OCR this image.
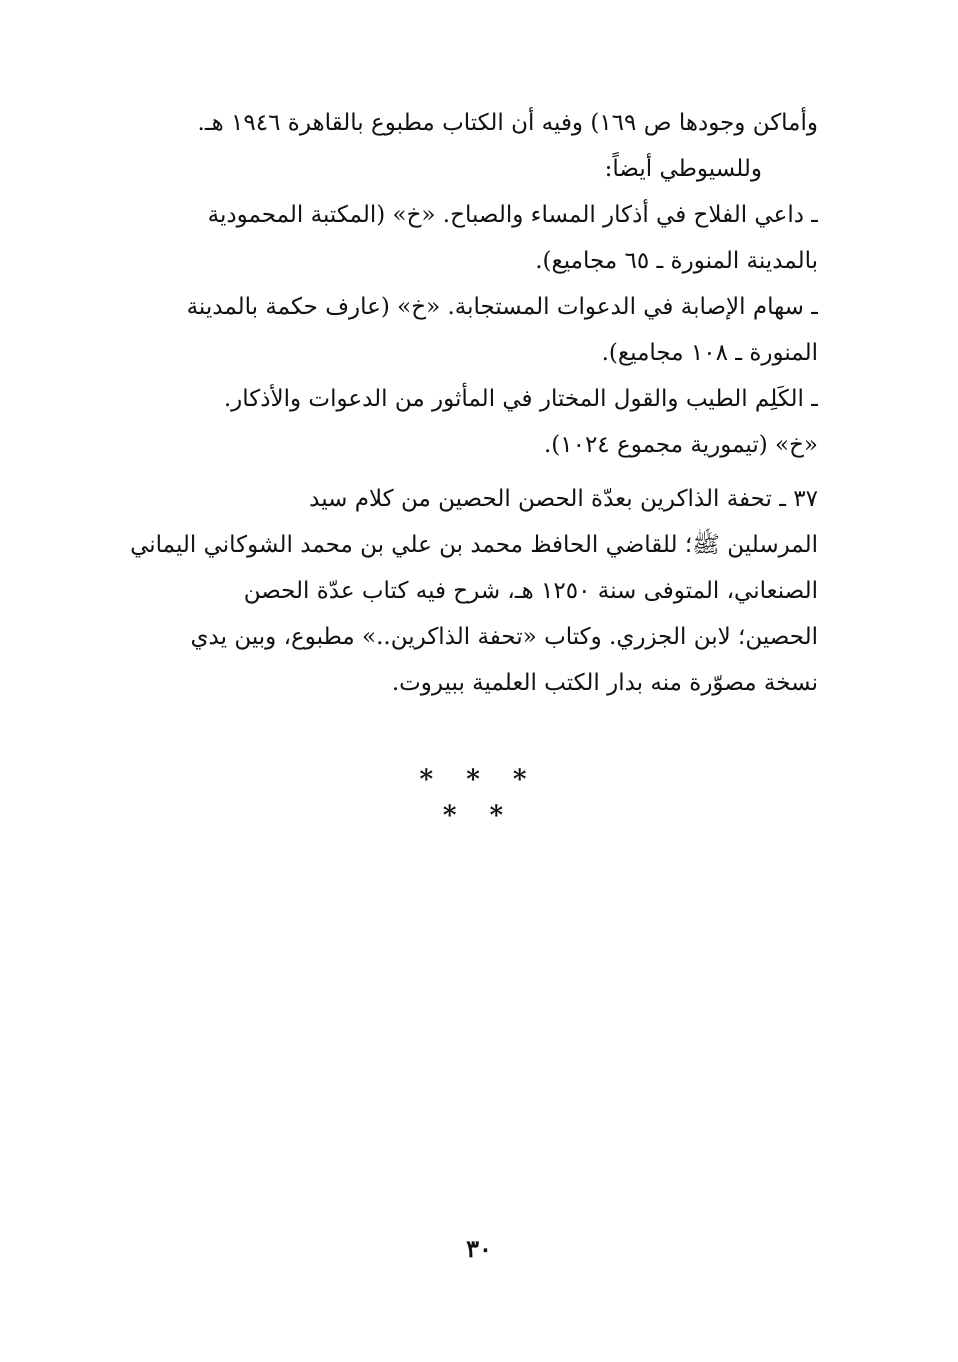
وأماكن وجودها ص ١٦٩) وفيه أن الكتاب مطبوع بالقاهرة ١٩٤٦ هـ.
وللسيوطي أيضاً:
ـ داعي الفلاح في أذكار المساء والصباح. «خ» (المكتبة المحمودية
بالمدينة المنورة ـ ٦٥ مجاميع).
ـ سهام الإصابة في الدعوات المستجابة. «خ» (عارف حكمة بالمدينة
المنورة ـ ١٠٨ مجاميع).
ـ الكَلِم الطيب والقول المختار في المأثور من الدعوات والأذكار.
«خ» (تيمورية مجموع ١٠٢٤).
٣٧ ـ تحفة الذاكرين بعدّة الحصن الحصين من كلام سيد
المرسلين ﷺ؛ للقاضي الحافظ محمد بن علي بن محمد الشوكاني اليماني
الصنعاني، المتوفى سنة ١٢٥٠ هـ، شرح فيه كتاب عدّة الحصن
الحصين؛ لابن الجزري. وكتاب «تحفة الذاكرين..» مطبوع، وبين يدي
نسخة مصوّرة منه بدار الكتب العلمية ببيروت.
* * *
* *
٣٠
